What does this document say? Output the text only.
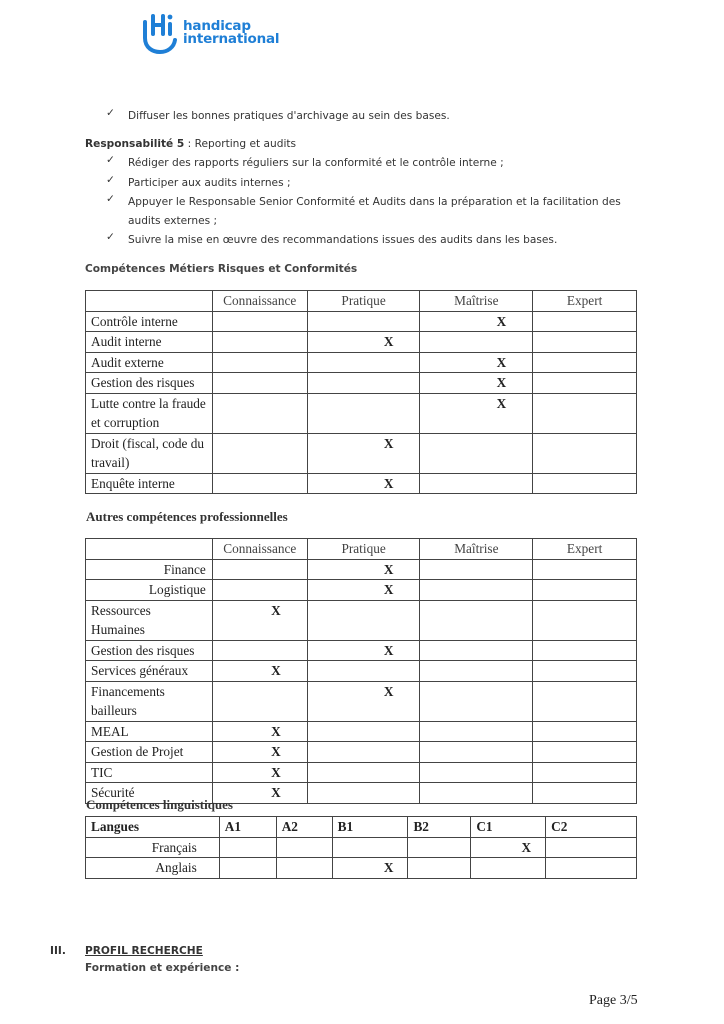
handicap
international
✓	Diffuser les bonnes pratiques d'archivage au sein des bases.
Responsabilité 5 : Reporting et audits
✓	Rédiger des rapports réguliers sur la conformité et le contrôle interne ;
✓	Participer aux audits internes ;
✓	Appuyer le Responsable Senior Conformité et Audits dans la préparation et la facilitation des audits externes ;
✓	Suivre la mise en œuvre des recommandations issues des audits dans les bases.
Compétences Métiers Risques et Conformités
	Connaissance	Pratique	Maîtrise	Expert
Contrôle interne			X	
Audit interne		X		
Audit externe			X	
Gestion des risques			X	
Lutte contre la fraude et corruption			X	
Droit (fiscal, code du travail)		X		
Enquête interne		X		
Autres compétences professionnelles
	Connaissance	Pratique	Maîtrise	Expert
Finance		X		
Logistique		X		
Ressources Humaines	X			
Gestion des risques		X		
Services généraux	X			
Financements bailleurs		X		
MEAL	X			
Gestion de Projet	X			
TIC	X			
Sécurité	X			
Compétences linguistiques
Langues	A1	A2	B1	B2	C1	C2
Français					X	
Anglais			X			
III. PROFIL RECHERCHE
Formation et expérience :
Page 3/5
